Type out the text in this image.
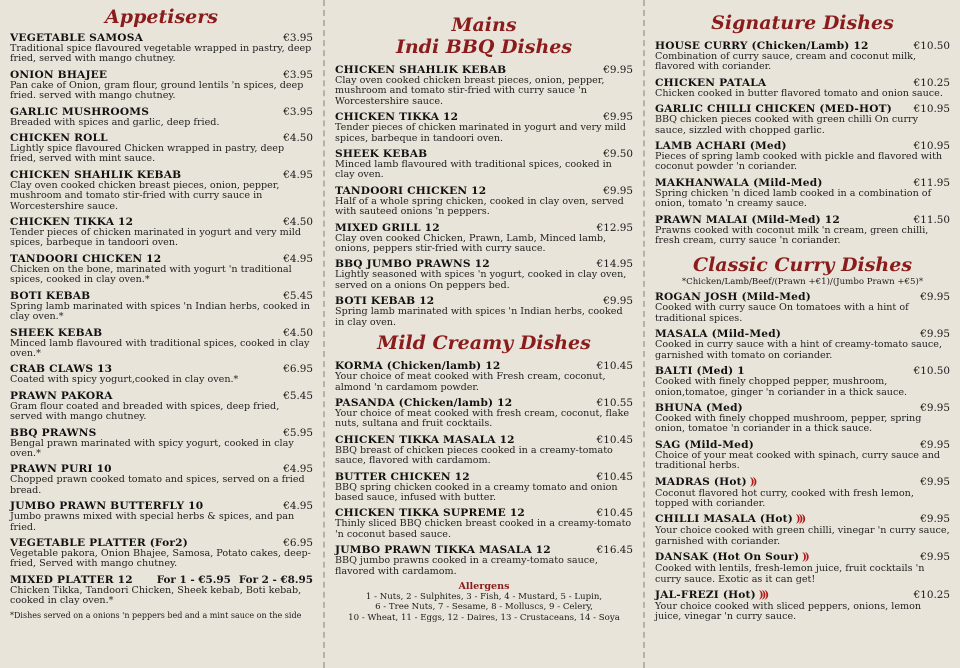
Appetisers
VEGETABLE SAMOSA	€3.95
Traditional spice flavoured vegetable wrapped in pastry, deep fried, served with mango chutney.
ONION BHAJEE	€3.95
Pan cake of Onion, gram flour, ground lentils 'n spices, deep fried. served with mango chutney.
GARLIC MUSHROOMS	€3.95
Breaded with spices and garlic, deep fried.
CHICKEN ROLL	€4.50
Lightly spice flavoured Chicken wrapped in pastry, deep fried, served with mint sauce.
CHICKEN SHAHLIK KEBAB	€4.95
Clay oven cooked chicken breast pieces, onion, pepper, mushroom and tomato stir-fried with curry sauce in Worcestershire sauce.
CHICKEN TIKKA 12	€4.50
Tender pieces of chicken marinated in yogurt and very mild spices, barbeque in tandoori oven.
TANDOORI CHICKEN 12	€4.95
Chicken on the bone, marinated with yogurt 'n traditional spices, cooked in clay oven.*
BOTI KEBAB	€5.45
Spring lamb marinated with spices 'n Indian herbs, cooked in clay oven.*
SHEEK KEBAB	€4.50
Minced lamb flavoured with traditional spices, cooked in clay oven.*
CRAB CLAWS 13	€6.95
Coated with spicy yogurt,cooked in clay oven.*
PRAWN PAKORA	€5.45
Gram flour coated and breaded with spices, deep fried, served with mango chutney.
BBQ PRAWNS	€5.95
Bengal prawn marinated with spicy yogurt, cooked in clay oven.*
PRAWN PURI 10	€4.95
Chopped prawn cooked tomato and spices, served on a fried bread.
JUMBO PRAWN BUTTERFLY 10	€4.95
Jumbo prawns mixed with special herbs & spices, and pan fried.
VEGETABLE PLATTER (For2)	€6.95
Vegetable pakora, Onion Bhajee, Samosa, Potato cakes, deep-fried, Served with mango chutney.
MIXED PLATTER 12 For 1 - €5.95 For 2 - €8.95
Chicken Tikka, Tandoori Chicken, Sheek kebab, Boti kebab, cooked in clay oven.*
*Dishes served on a onions 'n peppers bed and a mint sauce on the side
Mains
Indi BBQ Dishes
CHICKEN SHAHLIK KEBAB	€9.95
Clay oven cooked chicken breast pieces, onion, pepper, mushroom and tomato stir-fried with curry sauce 'n Worcestershire sauce.
CHICKEN TIKKA 12	€9.95
Tender pieces of chicken marinated in yogurt and very mild spices, barbeque in tandoori oven.
SHEEK KEBAB	€9.50
Minced lamb flavoured with traditional spices, cooked in clay oven.
TANDOORI CHICKEN 12	€9.95
Half of a whole spring chicken, cooked in clay oven, served with sauteed onions 'n peppers.
MIXED GRILL 12	€12.95
Clay oven cooked Chicken, Prawn, Lamb, Minced lamb, onions, peppers stir-fried with curry sauce.
BBQ JUMBO PRAWNS 12	€14.95
Lightly seasoned with spices 'n yogurt, cooked in clay oven, served on a onions On peppers bed.
BOTI KEBAB 12	€9.95
Spring lamb marinated with spices 'n Indian herbs, cooked in clay oven.
Mild Creamy Dishes
KORMA (Chicken/lamb) 12	€10.45
Your choice of meat cooked with Fresh cream, coconut, almond 'n cardamom powder.
PASANDA (Chicken/lamb) 12	€10.55
Your choice of meat cooked with fresh cream, coconut, flake nuts, sultana and fruit cocktails.
CHICKEN TIKKA MASALA 12	€10.45
BBQ breast of chicken pieces cooked in a creamy-tomato sauce, flavored with cardamom.
BUTTER CHICKEN 12	€10.45
BBQ spring chicken cooked in a creamy tomato and onion based sauce, infused with butter.
CHICKEN TIKKA SUPREME 12	€10.45
Thinly sliced BBQ chicken breast cooked in a creamy-tomato 'n coconut based sauce.
JUMBO PRAWN TIKKA MASALA 12	€16.45
BBQ jumbo prawns cooked in a creamy-tomato sauce, flavored with cardamom.
Allergens
1 - Nuts, 2 - Sulphites, 3 - Fish, 4 - Mustard, 5 - Lupin,
6 - Tree Nuts, 7 - Sesame, 8 - Molluscs, 9 - Celery,
10 - Wheat, 11 - Eggs, 12 - Daires, 13 - Crustaceans, 14 - Soya
Signature Dishes
HOUSE CURRY (Chicken/Lamb) 12	€10.50
Combination of curry sauce, cream and coconut milk, flavored with coriander.
CHICKEN PATALA	€10.25
Chicken cooked in butter flavored tomato and onion sauce.
GARLIC CHILLI CHICKEN (MED-HOT) €10.95
BBQ chicken pieces cooked with green chilli On curry sauce, sizzled with chopped garlic.
LAMB ACHARI (Med)	€10.95
Pieces of spring lamb cooked with pickle and flavored with coconut powder 'n coriander.
MAKHANWALA (Mild-Med)	€11.95
Spring chicken 'n diced lamb cooked in a combination of onion, tomato 'n creamy sauce.
PRAWN MALAI (Mild-Med) 12	€11.50
Prawns cooked with coconut milk 'n cream, green chilli, fresh cream, curry sauce 'n coriander.
Classic Curry Dishes
*Chicken/Lamb/Beef/(Prawn +€1)/(Jumbo Prawn +€5)*
ROGAN JOSH (Mild-Med)	€9.95
Cooked with curry sauce On tomatoes with a hint of traditional spices.
MASALA (Mild-Med)	€9.95
Cooked in curry sauce with a hint of creamy-tomato sauce, garnished with tomato on coriander.
BALTI (Med) 1	€10.50
Cooked with finely chopped pepper, mushroom, onion,tomatoe, ginger 'n coriander in a thick sauce.
BHUNA (Med)	€9.95
Cooked with finely chopped mushroom, pepper, spring onion, tomatoe 'n coriander in a thick sauce.
SAG (Mild-Med)	€9.95
Choice of your meat cooked with spinach, curry sauce and traditional herbs.
MADRAS (Hot) ))	€9.95
Coconut flavored hot curry, cooked with fresh lemon, topped with coriander.
CHILLI MASALA (Hot) )))	€9.95
Your choice cooked with green chilli, vinegar 'n curry sauce, garnished with coriander.
DANSAK (Hot On Sour) ))	€9.95
Cooked with lentils, fresh-lemon juice, fruit cocktails 'n curry sauce. Exotic as it can get!
JAL-FREZI (Hot) )))	€10.25
Your choice cooked with sliced peppers, onions, lemon juice, vinegar 'n curry sauce.
